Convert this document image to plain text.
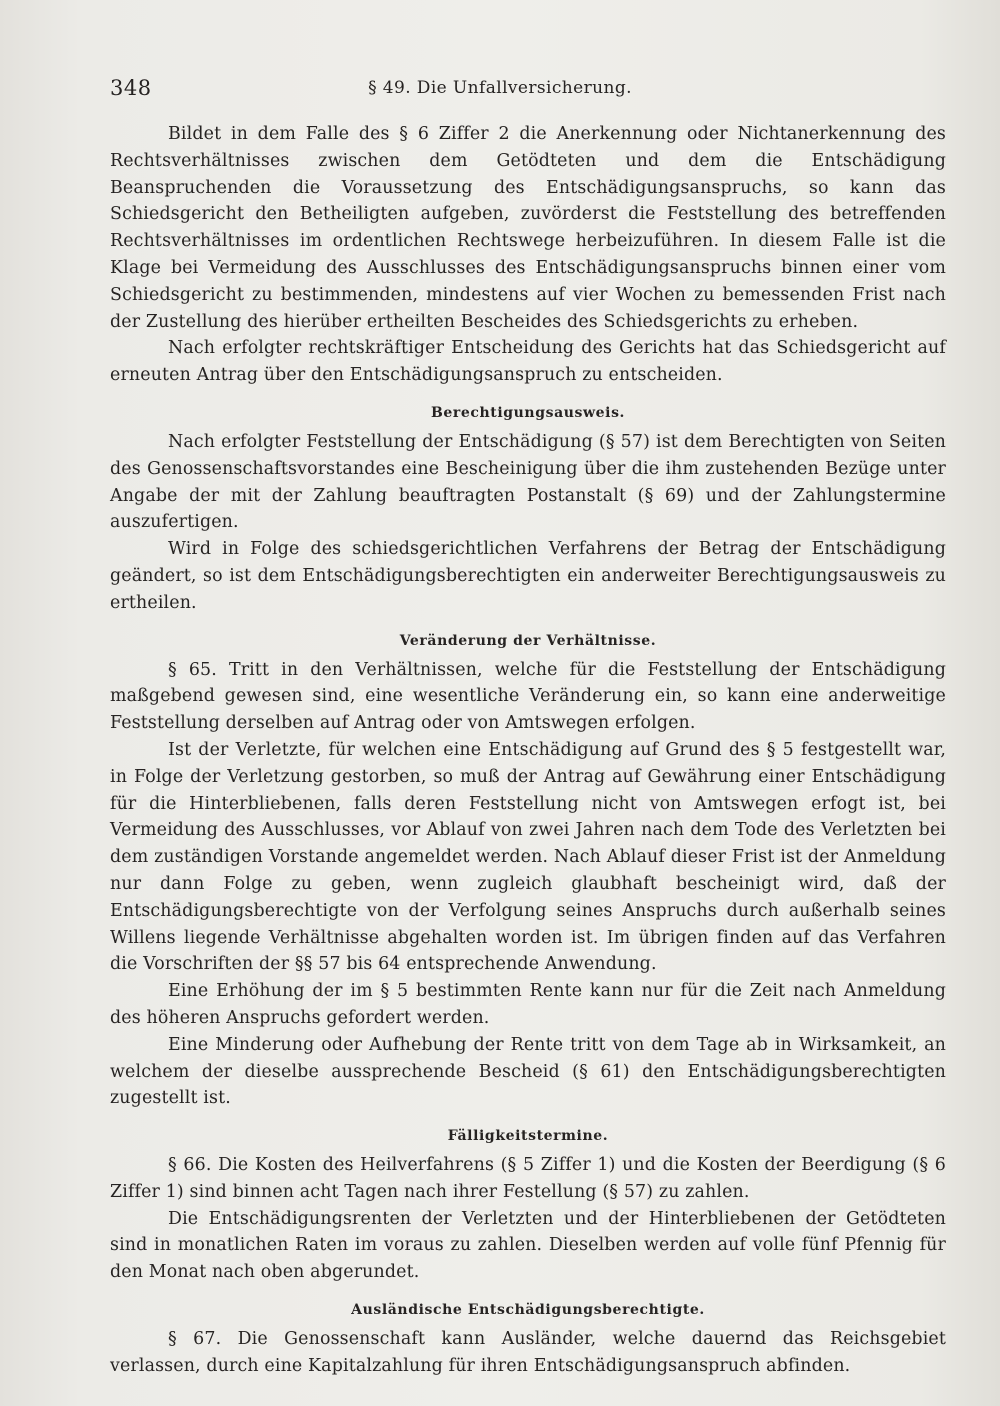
348	§ 49. Die Unfallversicherung.

Bildet in dem Falle des § 6 Ziffer 2 die Anerkennung oder Nichtanerkennung des Rechtsverhältnisses zwischen dem Getödteten und dem die Entschädigung Beanspruchenden die Voraussetzung des Entschädigungsanspruchs, so kann das Schiedsgericht den Betheiligten aufgeben, zuvörderst die Feststellung des betreffenden Rechtsverhältnisses im ordentlichen Rechtswege herbeizuführen. In diesem Falle ist die Klage bei Vermeidung des Ausschlusses des Entschädigungsanspruchs binnen einer vom Schiedsgericht zu bestimmenden, mindestens auf vier Wochen zu bemessenden Frist nach der Zustellung des hierüber ertheilten Bescheides des Schiedsgerichts zu erheben.

Nach erfolgter rechtskräftiger Entscheidung des Gerichts hat das Schiedsgericht auf erneuten Antrag über den Entschädigungsanspruch zu entscheiden.

Berechtigungsausweis.

Nach erfolgter Feststellung der Entschädigung (§ 57) ist dem Berechtigten von Seiten des Genossenschaftsvorstandes eine Bescheinigung über die ihm zustehenden Bezüge unter Angabe der mit der Zahlung beauftragten Postanstalt (§ 69) und der Zahlungstermine auszufertigen.

Wird in Folge des schiedsgerichtlichen Verfahrens der Betrag der Entschädigung geändert, so ist dem Entschädigungsberechtigten ein anderweiter Berechtigungsausweis zu ertheilen.

Veränderung der Verhältnisse.

§ 65. Tritt in den Verhältnissen, welche für die Feststellung der Entschädigung maßgebend gewesen sind, eine wesentliche Veränderung ein, so kann eine anderweitige Feststellung derselben auf Antrag oder von Amtswegen erfolgen.

Ist der Verletzte, für welchen eine Entschädigung auf Grund des § 5 festgestellt war, in Folge der Verletzung gestorben, so muß der Antrag auf Gewährung einer Entschädigung für die Hinterbliebenen, falls deren Feststellung nicht von Amtswegen erfogt ist, bei Vermeidung des Ausschlusses, vor Ablauf von zwei Jahren nach dem Tode des Verletzten bei dem zuständigen Vorstande angemeldet werden. Nach Ablauf dieser Frist ist der Anmeldung nur dann Folge zu geben, wenn zugleich glaubhaft bescheinigt wird, daß der Entschädigungsberechtigte von der Verfolgung seines Anspruchs durch außerhalb seines Willens liegende Verhältnisse abgehalten worden ist. Im übrigen finden auf das Verfahren die Vorschriften der §§ 57 bis 64 entsprechende Anwendung.

Eine Erhöhung der im § 5 bestimmten Rente kann nur für die Zeit nach Anmeldung des höheren Anspruchs gefordert werden.

Eine Minderung oder Aufhebung der Rente tritt von dem Tage ab in Wirksamkeit, an welchem der dieselbe aussprechende Bescheid (§ 61) den Entschädigungsberechtigten zugestellt ist.

Fälligkeitstermine.

§ 66. Die Kosten des Heilverfahrens (§ 5 Ziffer 1) und die Kosten der Beerdigung (§ 6 Ziffer 1) sind binnen acht Tagen nach ihrer Festellung (§ 57) zu zahlen.

Die Entschädigungsrenten der Verletzten und der Hinterbliebenen der Getödteten sind in monatlichen Raten im voraus zu zahlen. Dieselben werden auf volle fünf Pfennig für den Monat nach oben abgerundet.

Ausländische Entschädigungsberechtigte.

§ 67. Die Genossenschaft kann Ausländer, welche dauernd das Reichsgebiet verlassen, durch eine Kapitalzahlung für ihren Entschädigungsanspruch abfinden.
